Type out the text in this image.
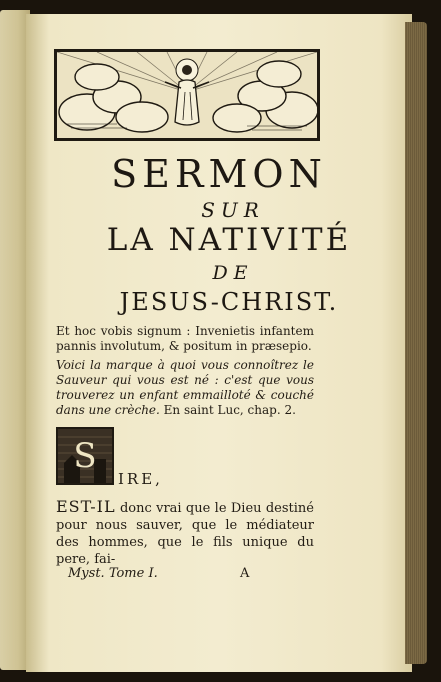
SERMON
SUR
LA NATIVITÉ
DE
JESUS-CHRIST.
Et hoc vobis signum : Invenietis infantem pannis involutum, & positum in præsepio.
Voici la marque à quoi vous connoîtrez le Sauveur qui vous est né : c'est que vous trouverez un enfant emmailloté & couché dans une crèche. En saint Luc, chap. 2.
S
IRE,
EST-IL donc vrai que le Dieu destiné pour nous sauver, que le médiateur des hommes, que le fils unique du pere, fai-
Myst. Tome I.	A
